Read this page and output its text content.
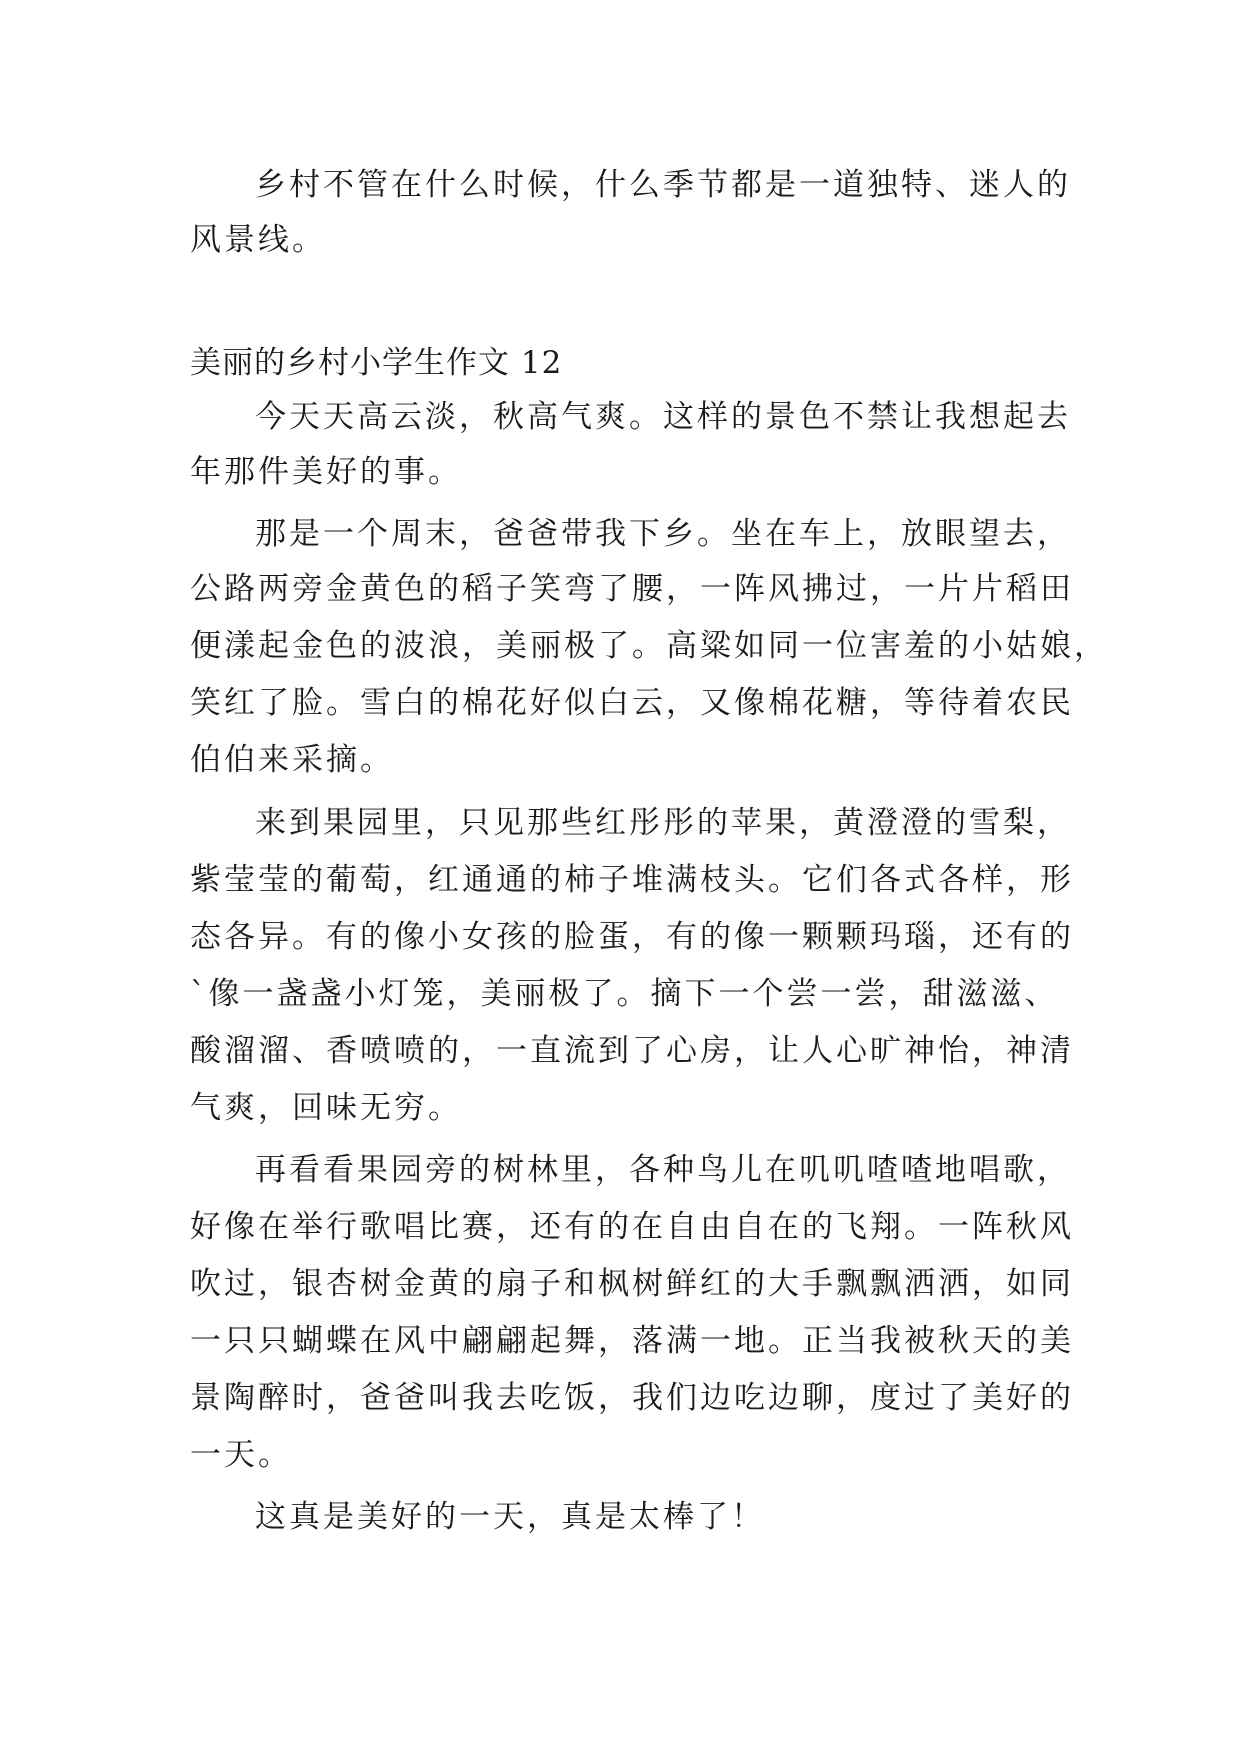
乡村不管在什么时候，什么季节都是一道独特、迷人的
风景线。
美丽的乡村小学生作文 12
今天天高云淡，秋高气爽。这样的景色不禁让我想起去
年那件美好的事。
那是一个周末，爸爸带我下乡。坐在车上，放眼望去，
公路两旁金黄色的稻子笑弯了腰，一阵风拂过，一片片稻田
便漾起金色的波浪，美丽极了。高粱如同一位害羞的小姑娘，
笑红了脸。雪白的棉花好似白云，又像棉花糖，等待着农民
伯伯来采摘。
来到果园里，只见那些红彤彤的苹果，黄澄澄的雪梨，
紫莹莹的葡萄，红通通的柿子堆满枝头。它们各式各样，形
态各异。有的像小女孩的脸蛋，有的像一颗颗玛瑙，还有的
`像一盏盏小灯笼，美丽极了。摘下一个尝一尝，甜滋滋、
酸溜溜、香喷喷的，一直流到了心房，让人心旷神怡，神清
气爽，回味无穷。
再看看果园旁的树林里，各种鸟儿在叽叽喳喳地唱歌，
好像在举行歌唱比赛，还有的在自由自在的飞翔。一阵秋风
吹过，银杏树金黄的扇子和枫树鲜红的大手飘飘洒洒，如同
一只只蝴蝶在风中翩翩起舞，落满一地。正当我被秋天的美
景陶醉时，爸爸叫我去吃饭，我们边吃边聊，度过了美好的
一天。
这真是美好的一天，真是太棒了！
